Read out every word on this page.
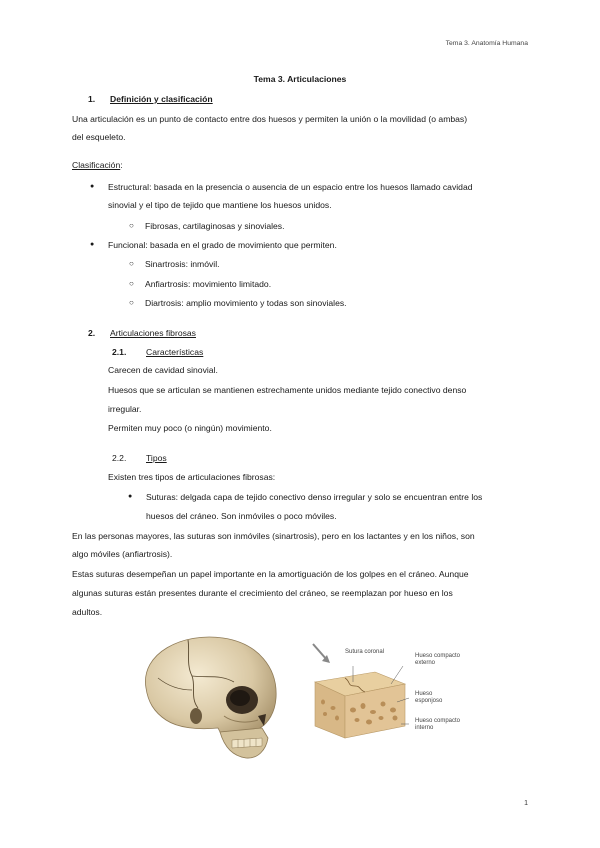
Tema 3. Anatomía Humana
Tema 3. Articulaciones
1. Definición y clasificación
Una articulación es un punto de contacto entre dos huesos y permiten la unión o la movilidad (o ambas)
del esqueleto.
Clasificación:
● Estructural: basada en la presencia o ausencia de un espacio entre los huesos llamado cavidad
sinovial y el tipo de tejido que mantiene los huesos unidos.
○ Fibrosas, cartilaginosas y sinoviales.
● Funcional: basada en el grado de movimiento que permiten.
○ Sinartrosis: inmóvil.
○ Anfiartrosis: movimiento limitado.
○ Diartrosis: amplio movimiento y todas son sinoviales.
2. Articulaciones fibrosas
2.1. Características
Carecen de cavidad sinovial.
Huesos que se articulan se mantienen estrechamente unidos mediante tejido conectivo denso
irregular.
Permiten muy poco (o ningún) movimiento.
2.2. Tipos
Existen tres tipos de articulaciones fibrosas:
● Suturas: delgada capa de tejido conectivo denso irregular y solo se encuentran entre los
huesos del cráneo. Son inmóviles o poco móviles.
En las personas mayores, las suturas son inmóviles (sinartrosis), pero en los lactantes y en los niños, son
algo móviles (anfiartrosis).
Estas suturas desempeñan un papel importante en la amortiguación de los golpes en el cráneo. Aunque
algunas suturas están presentes durante el crecimiento del cráneo, se reemplazan por hueso en los
adultos.
Sutura coronal
Hueso compacto
externo
Hueso
esponjoso
Hueso compacto
interno
1
